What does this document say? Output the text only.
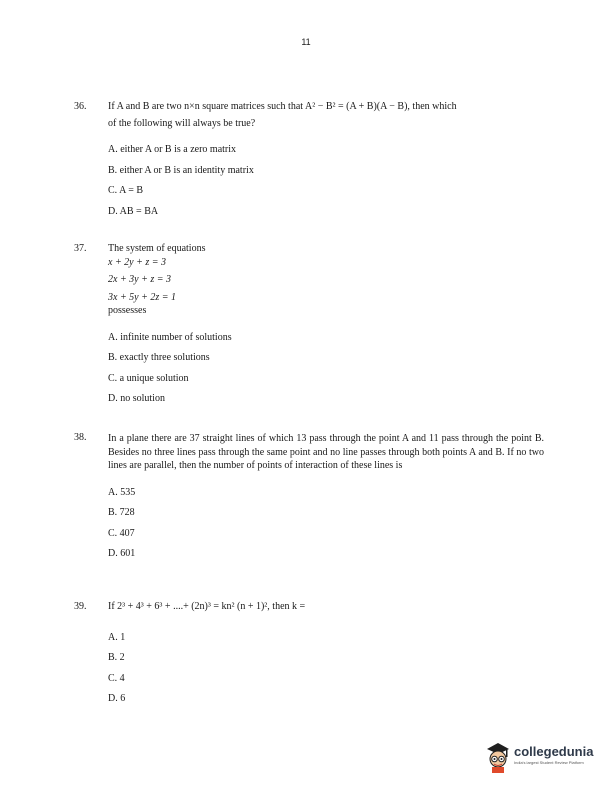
11
36. If A and B are two n×n square matrices such that A² − B² = (A + B)(A − B), then which
of the following will always be true?
A. either A or B is a zero matrix
B. either A or B is an identity matrix
C. A = B
D. AB = BA
37. The system of equations
x + 2y + z = 3
2x + 3y + z = 3
3x + 5y + 2z = 1
possesses
A. infinite number of solutions
B. exactly three solutions
C. a unique solution
D. no solution
38. In a plane there are 37 straight lines of which 13 pass through the point A and 11 pass through the point B. Besides no three lines pass through the same point and no line passes through both points A and B. If no two lines are parallel, then the number of points of interaction of these lines is
A. 535
B. 728
C. 407
D. 601
39. If 2³ + 4³ + 6³ + ....+ (2n)³ = kn² (n + 1)², then k =
A. 1
B. 2
C. 4
D. 6
collegedunia
India's largest Student Review Platform
